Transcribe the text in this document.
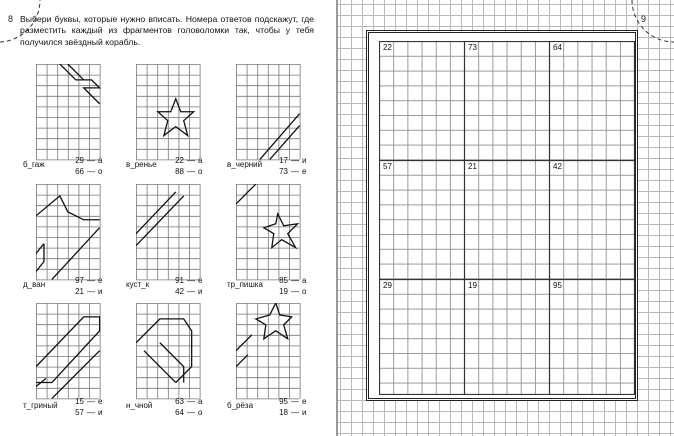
8 Выбери буквы, которые нужно вписать. Номера ответов подскажут, где разместить каждый из фрагментов головоломки так, чтобы у тебя получился звёздный корабль.

б_гаж	29 — а
66 — о
в_ренье	22 — а
88 — о
в_черний	17 — и
73 — е
д_ван	97 — е
21 — и
куст_к	91 — е
42 — и
тр_пишка	85 — а
19 — о
т_гриный	15 — е
57 — и
н_чной	63 — а
64 — о
б_рёза	95 — е
18 — и
9
22	73	64
57	21	42
29	19	95
...
